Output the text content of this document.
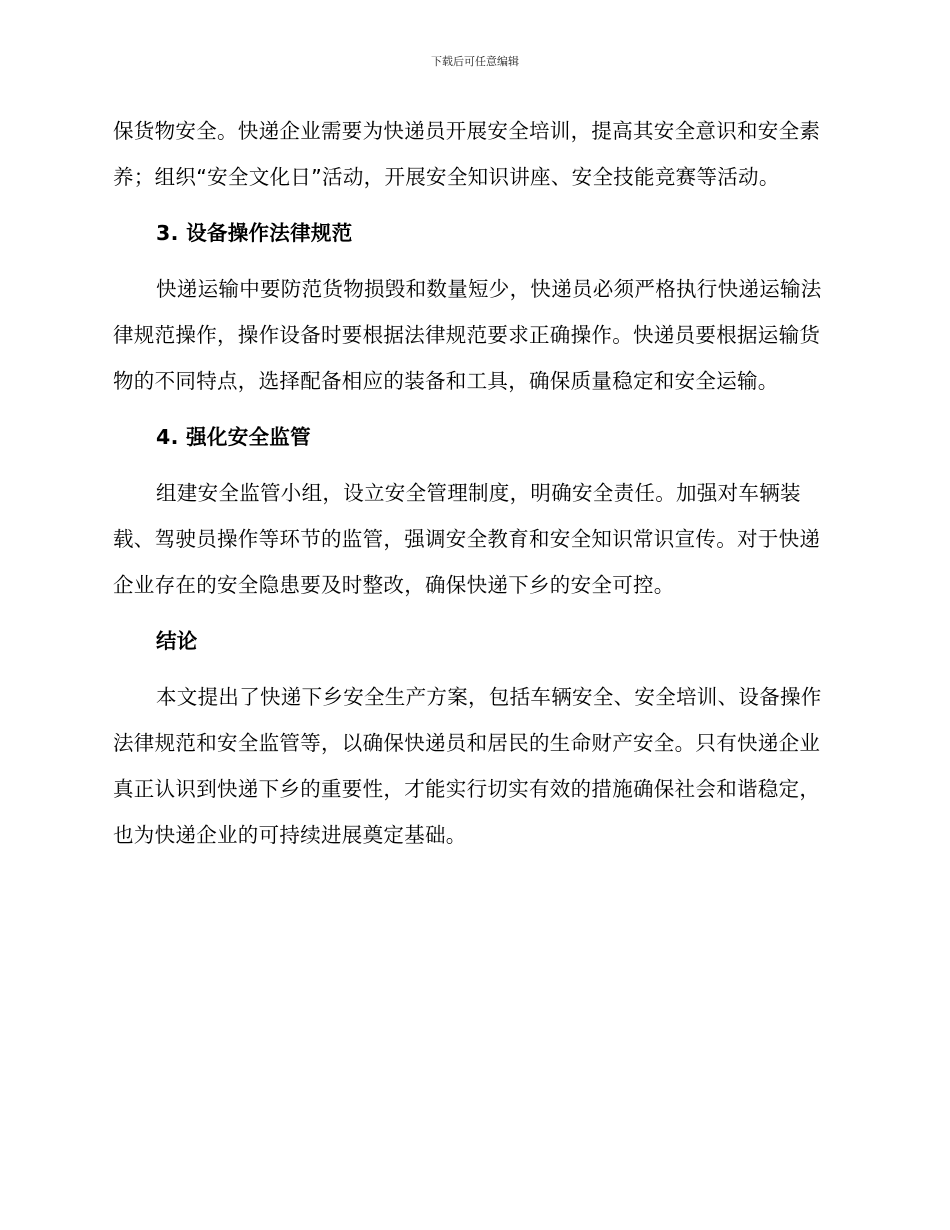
下载后可任意编辑

保货物安全。快递企业需要为快递员开展安全培训，提高其安全意识和安全素养；组织“安全文化日”活动，开展安全知识讲座、安全技能竞赛等活动。

3. 设备操作法律规范

快递运输中要防范货物损毁和数量短少，快递员必须严格执行快递运输法律规范操作，操作设备时要根据法律规范要求正确操作。快递员要根据运输货物的不同特点，选择配备相应的装备和工具，确保质量稳定和安全运输。

4. 强化安全监管

组建安全监管小组，设立安全管理制度，明确安全责任。加强对车辆装载、驾驶员操作等环节的监管，强调安全教育和安全知识常识宣传。对于快递企业存在的安全隐患要及时整改，确保快递下乡的安全可控。

结论

本文提出了快递下乡安全生产方案，包括车辆安全、安全培训、设备操作法律规范和安全监管等，以确保快递员和居民的生命财产安全。只有快递企业真正认识到快递下乡的重要性，才能实行切实有效的措施确保社会和谐稳定，也为快递企业的可持续进展奠定基础。
